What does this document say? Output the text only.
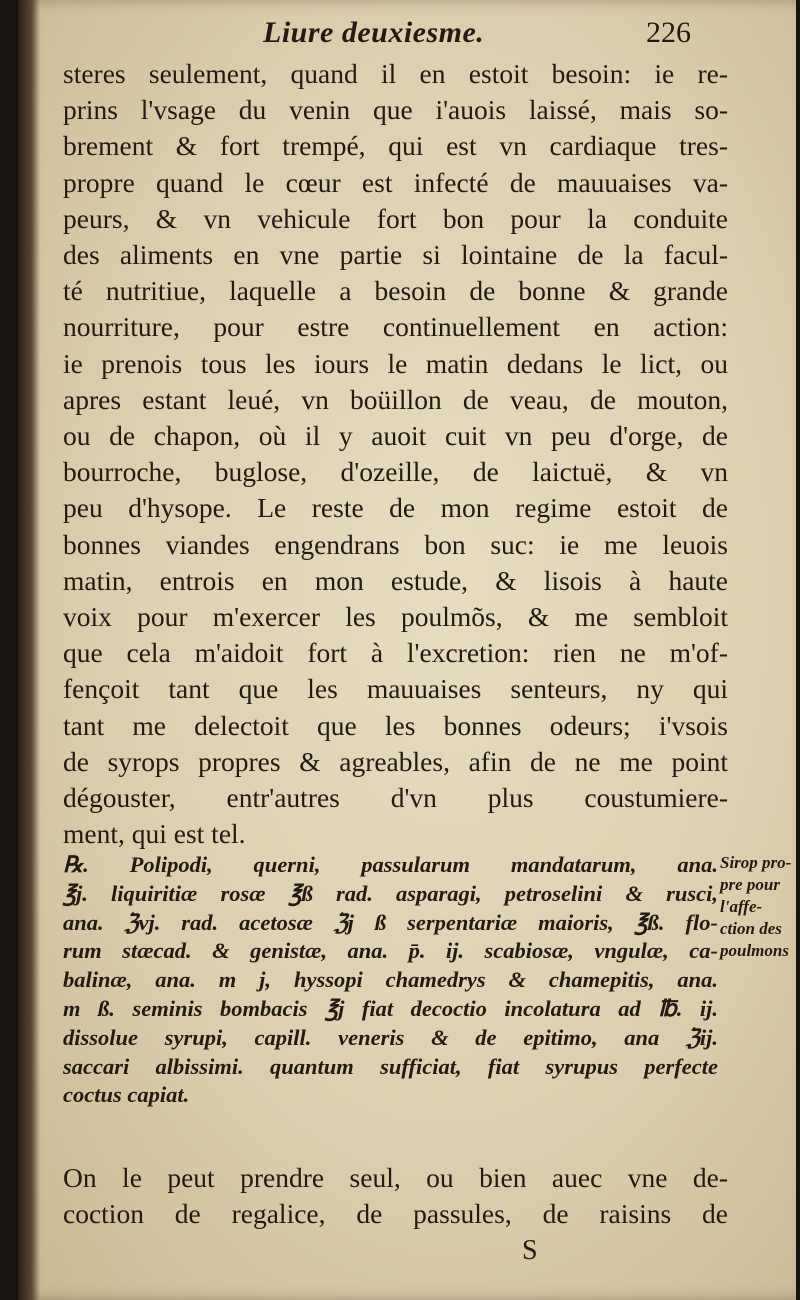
Liure deuxiesme.	226
steres seulement, quand il en estoit besoin: ie re-
prins l'vsage du venin que i'auois laissé, mais so-
brement & fort trempé, qui est vn cardiaque tres-
propre quand le cœur est infecté de mauuaises va-
peurs, & vn vehicule fort bon pour la conduite
des aliments en vne partie si lointaine de la facul-
té nutritiue, laquelle a besoin de bonne & grande
nourriture, pour estre continuellement en action:
ie prenois tous les iours le matin dedans le lict, ou
apres estant leué, vn boüillon de veau, de mouton,
ou de chapon, où il y auoit cuit vn peu d'orge, de
bourroche, buglose, d'ozeille, de laictuë, & vn
peu d'hysope. Le reste de mon regime estoit de
bonnes viandes engendrans bon suc: ie me leuois
matin, entrois en mon estude, & lisois à haute
voix pour m'exercer les poulmõs, & me sembloit
que cela m'aidoit fort à l'excretion: rien ne m'of-
fençoit tant que les mauuaises senteurs, ny qui
tant me delectoit que les bonnes odeurs; i'vsois
de syrops propres & agreables, afin de ne me point
dégouster, entr'autres d'vn plus coustumiere-
ment, qui est tel.
℞. Polipodi, querni, passularum mandatarum, ana.
℥j. liquiritiæ rosæ ℥ß rad. asparagi, petroselini & rusci,
ana. ℨvj. rad. acetosæ ℨj ß serpentariæ maioris, ℥ß. flo-
rum stæcad. & genistæ, ana. p̄. ij. scabiosæ, vngulæ, ca-
balinæ, ana. m j, hyssopi chamedrys & chamepitis, ana.
m ß. seminis bombacis ℥j fiat decoctio incolatura ad ℔. ij.
dissolue syrupi, capill. veneris & de epitimo, ana ℨij.
saccari albissimi. quantum sufficiat, fiat syrupus perfecte
coctus capiat.
Sirop pro-
pre pour
l'affe-
ction des
poulmons
On le peut prendre seul, ou bien auec vne de-
coction de regalice, de passules, de raisins de
S
